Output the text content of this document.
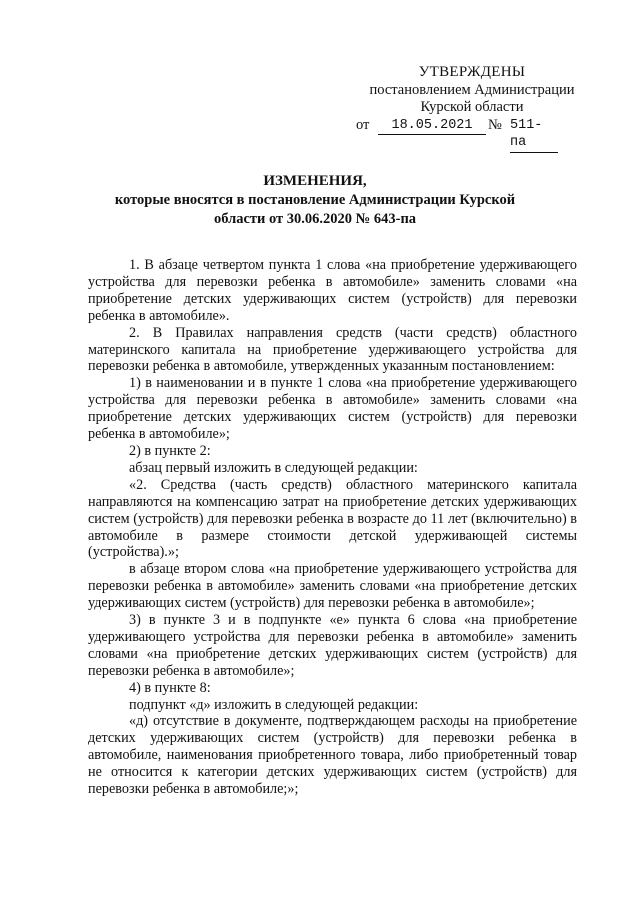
УТВЕРЖДЕНЫ
постановлением Администрации
Курской области
от	18.05.2021	№ 511-па
ИЗМЕНЕНИЯ,
которые вносятся в постановление Администрации Курской
области от 30.06.2020 № 643-па

1. В абзаце четвертом пункта 1 слова «на приобретение удерживающего устройства для перевозки ребенка в автомобиле» заменить словами «на приобретение детских удерживающих систем (устройств) для перевозки ребенка в автомобиле».

2. В Правилах направления средств (части средств) областного материнского капитала на приобретение удерживающего устройства для перевозки ребенка в автомобиле, утвержденных указанным постановлением:

1) в наименовании и в пункте 1 слова «на приобретение удерживающего устройства для перевозки ребенка в автомобиле» заменить словами «на приобретение детских удерживающих систем (устройств) для перевозки ребенка в автомобиле»;

2) в пункте 2:

абзац первый изложить в следующей редакции:

«2. Средства (часть средств) областного материнского капитала направляются на компенсацию затрат на приобретение детских удерживающих систем (устройств) для перевозки ребенка в возрасте до 11 лет (включительно) в автомобиле в размере стоимости детской удерживающей системы (устройства).»;

в абзаце втором слова «на приобретение удерживающего устройства для перевозки ребенка в автомобиле» заменить словами «на приобретение детских удерживающих систем (устройств) для перевозки ребенка в автомобиле»;

3) в пункте 3 и в подпункте «е» пункта 6 слова «на приобретение удерживающего устройства для перевозки ребенка в автомобиле» заменить словами «на приобретение детских удерживающих систем (устройств) для перевозки ребенка в автомобиле»;

4) в пункте 8:

подпункт «д» изложить в следующей редакции:

«д) отсутствие в документе, подтверждающем расходы на приобретение детских удерживающих систем (устройств) для перевозки ребенка в автомобиле, наименования приобретенного товара, либо приобретенный товар не относится к категории детских удерживающих систем (устройств) для перевозки ребенка в автомобиле;»;
